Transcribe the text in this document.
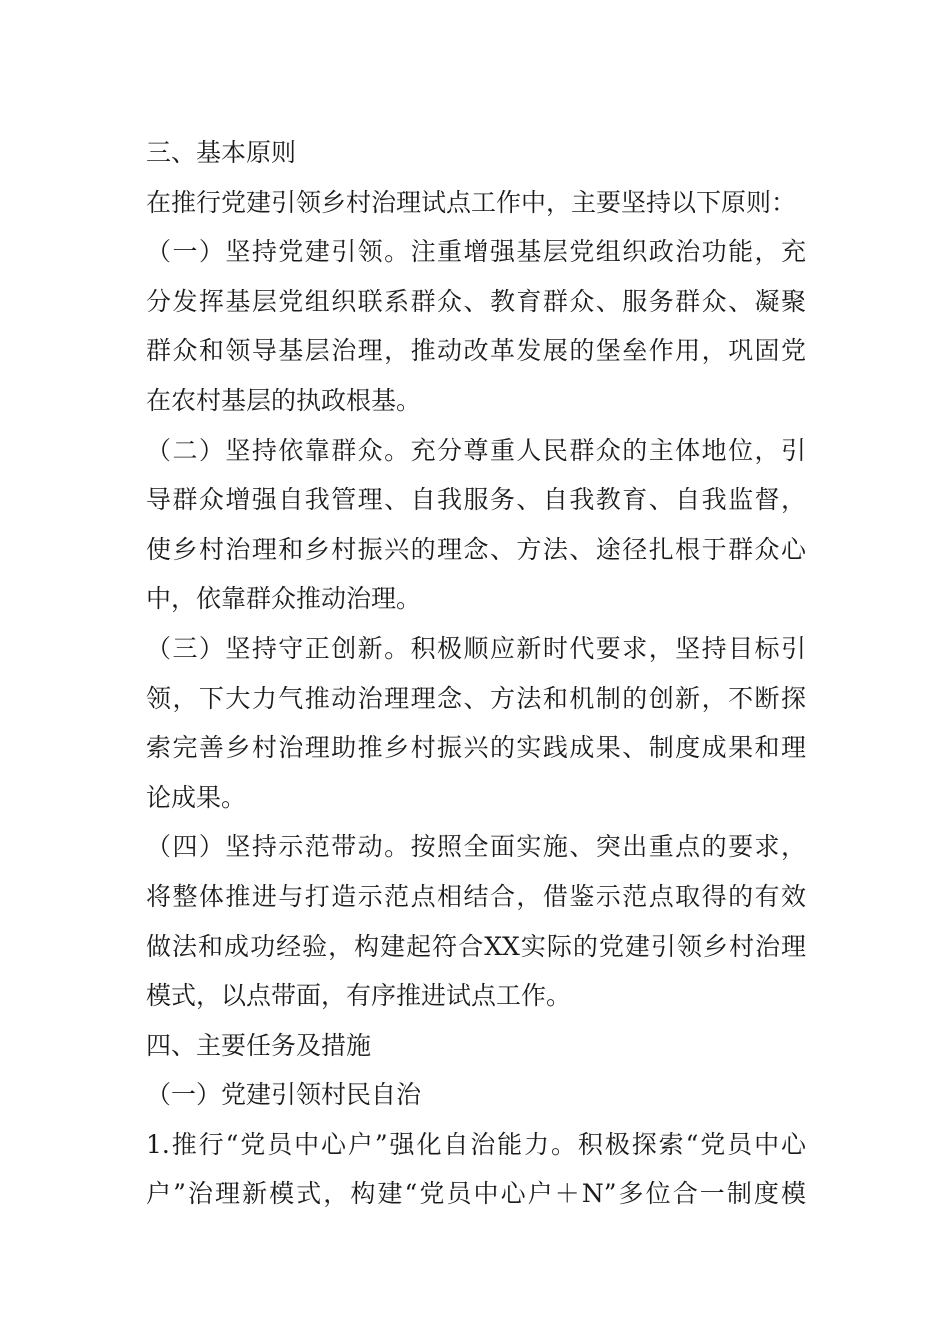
三、基本原则
在推行党建引领乡村治理试点工作中，主要坚持以下原则：
（一）坚持党建引领。注重增强基层党组织政治功能，充
分发挥基层党组织联系群众、教育群众、服务群众、凝聚
群众和领导基层治理，推动改革发展的堡垒作用，巩固党
在农村基层的执政根基。
（二）坚持依靠群众。充分尊重人民群众的主体地位，引
导群众增强自我管理、自我服务、自我教育、自我监督，
使乡村治理和乡村振兴的理念、方法、途径扎根于群众心
中，依靠群众推动治理。
（三）坚持守正创新。积极顺应新时代要求，坚持目标引
领，下大力气推动治理理念、方法和机制的创新，不断探
索完善乡村治理助推乡村振兴的实践成果、制度成果和理
论成果。
（四）坚持示范带动。按照全面实施、突出重点的要求，
将整体推进与打造示范点相结合，借鉴示范点取得的有效
做法和成功经验，构建起符合XX实际的党建引领乡村治理
模式，以点带面，有序推进试点工作。
四、主要任务及措施
（一）党建引领村民自治
1.推行“党员中心户”强化自治能力。积极探索“党员中心
户”治理新模式，构建“党员中心户＋N”多位合一制度模
